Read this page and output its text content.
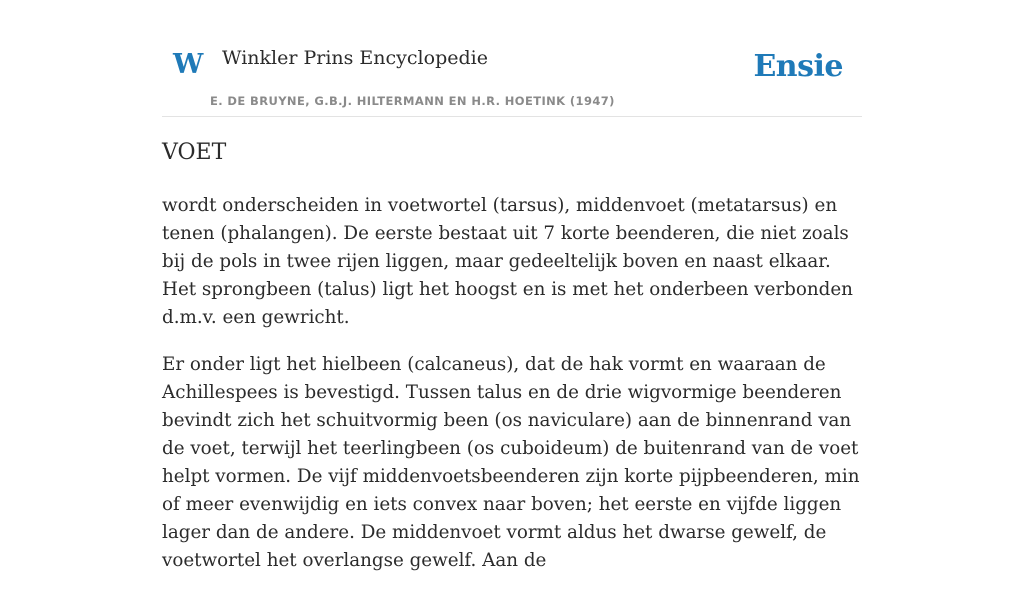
W Winkler Prins Encyclopedie
E. DE BRUYNE, G.B.J. HILTERMANN EN H.R. HOETINK (1947)
Ensie
VOET

wordt onderscheiden in voetwortel (tarsus), middenvoet (metatarsus) en tenen (phalangen). De eerste bestaat uit 7 korte beenderen, die niet zoals bij de pols in twee rijen liggen, maar gedeeltelijk boven en naast elkaar. Het sprongbeen (talus) ligt het hoogst en is met het onderbeen verbonden d.m.v. een gewricht.

Er onder ligt het hielbeen (calcaneus), dat de hak vormt en waaraan de Achillespees is bevestigd. Tussen talus en de drie wigvormige beenderen bevindt zich het schuitvormig been (os naviculare) aan de binnenrand van de voet, terwijl het teerlingbeen (os cuboideum) de buitenrand van de voet helpt vormen. De vijf middenvoetsbeenderen zijn korte pijpbeenderen, min of meer evenwijdig en iets convex naar boven; het eerste en vijfde liggen lager dan de andere. De middenvoet vormt aldus het dwarse gewelf, de voetwortel het overlangse gewelf. Aan de
